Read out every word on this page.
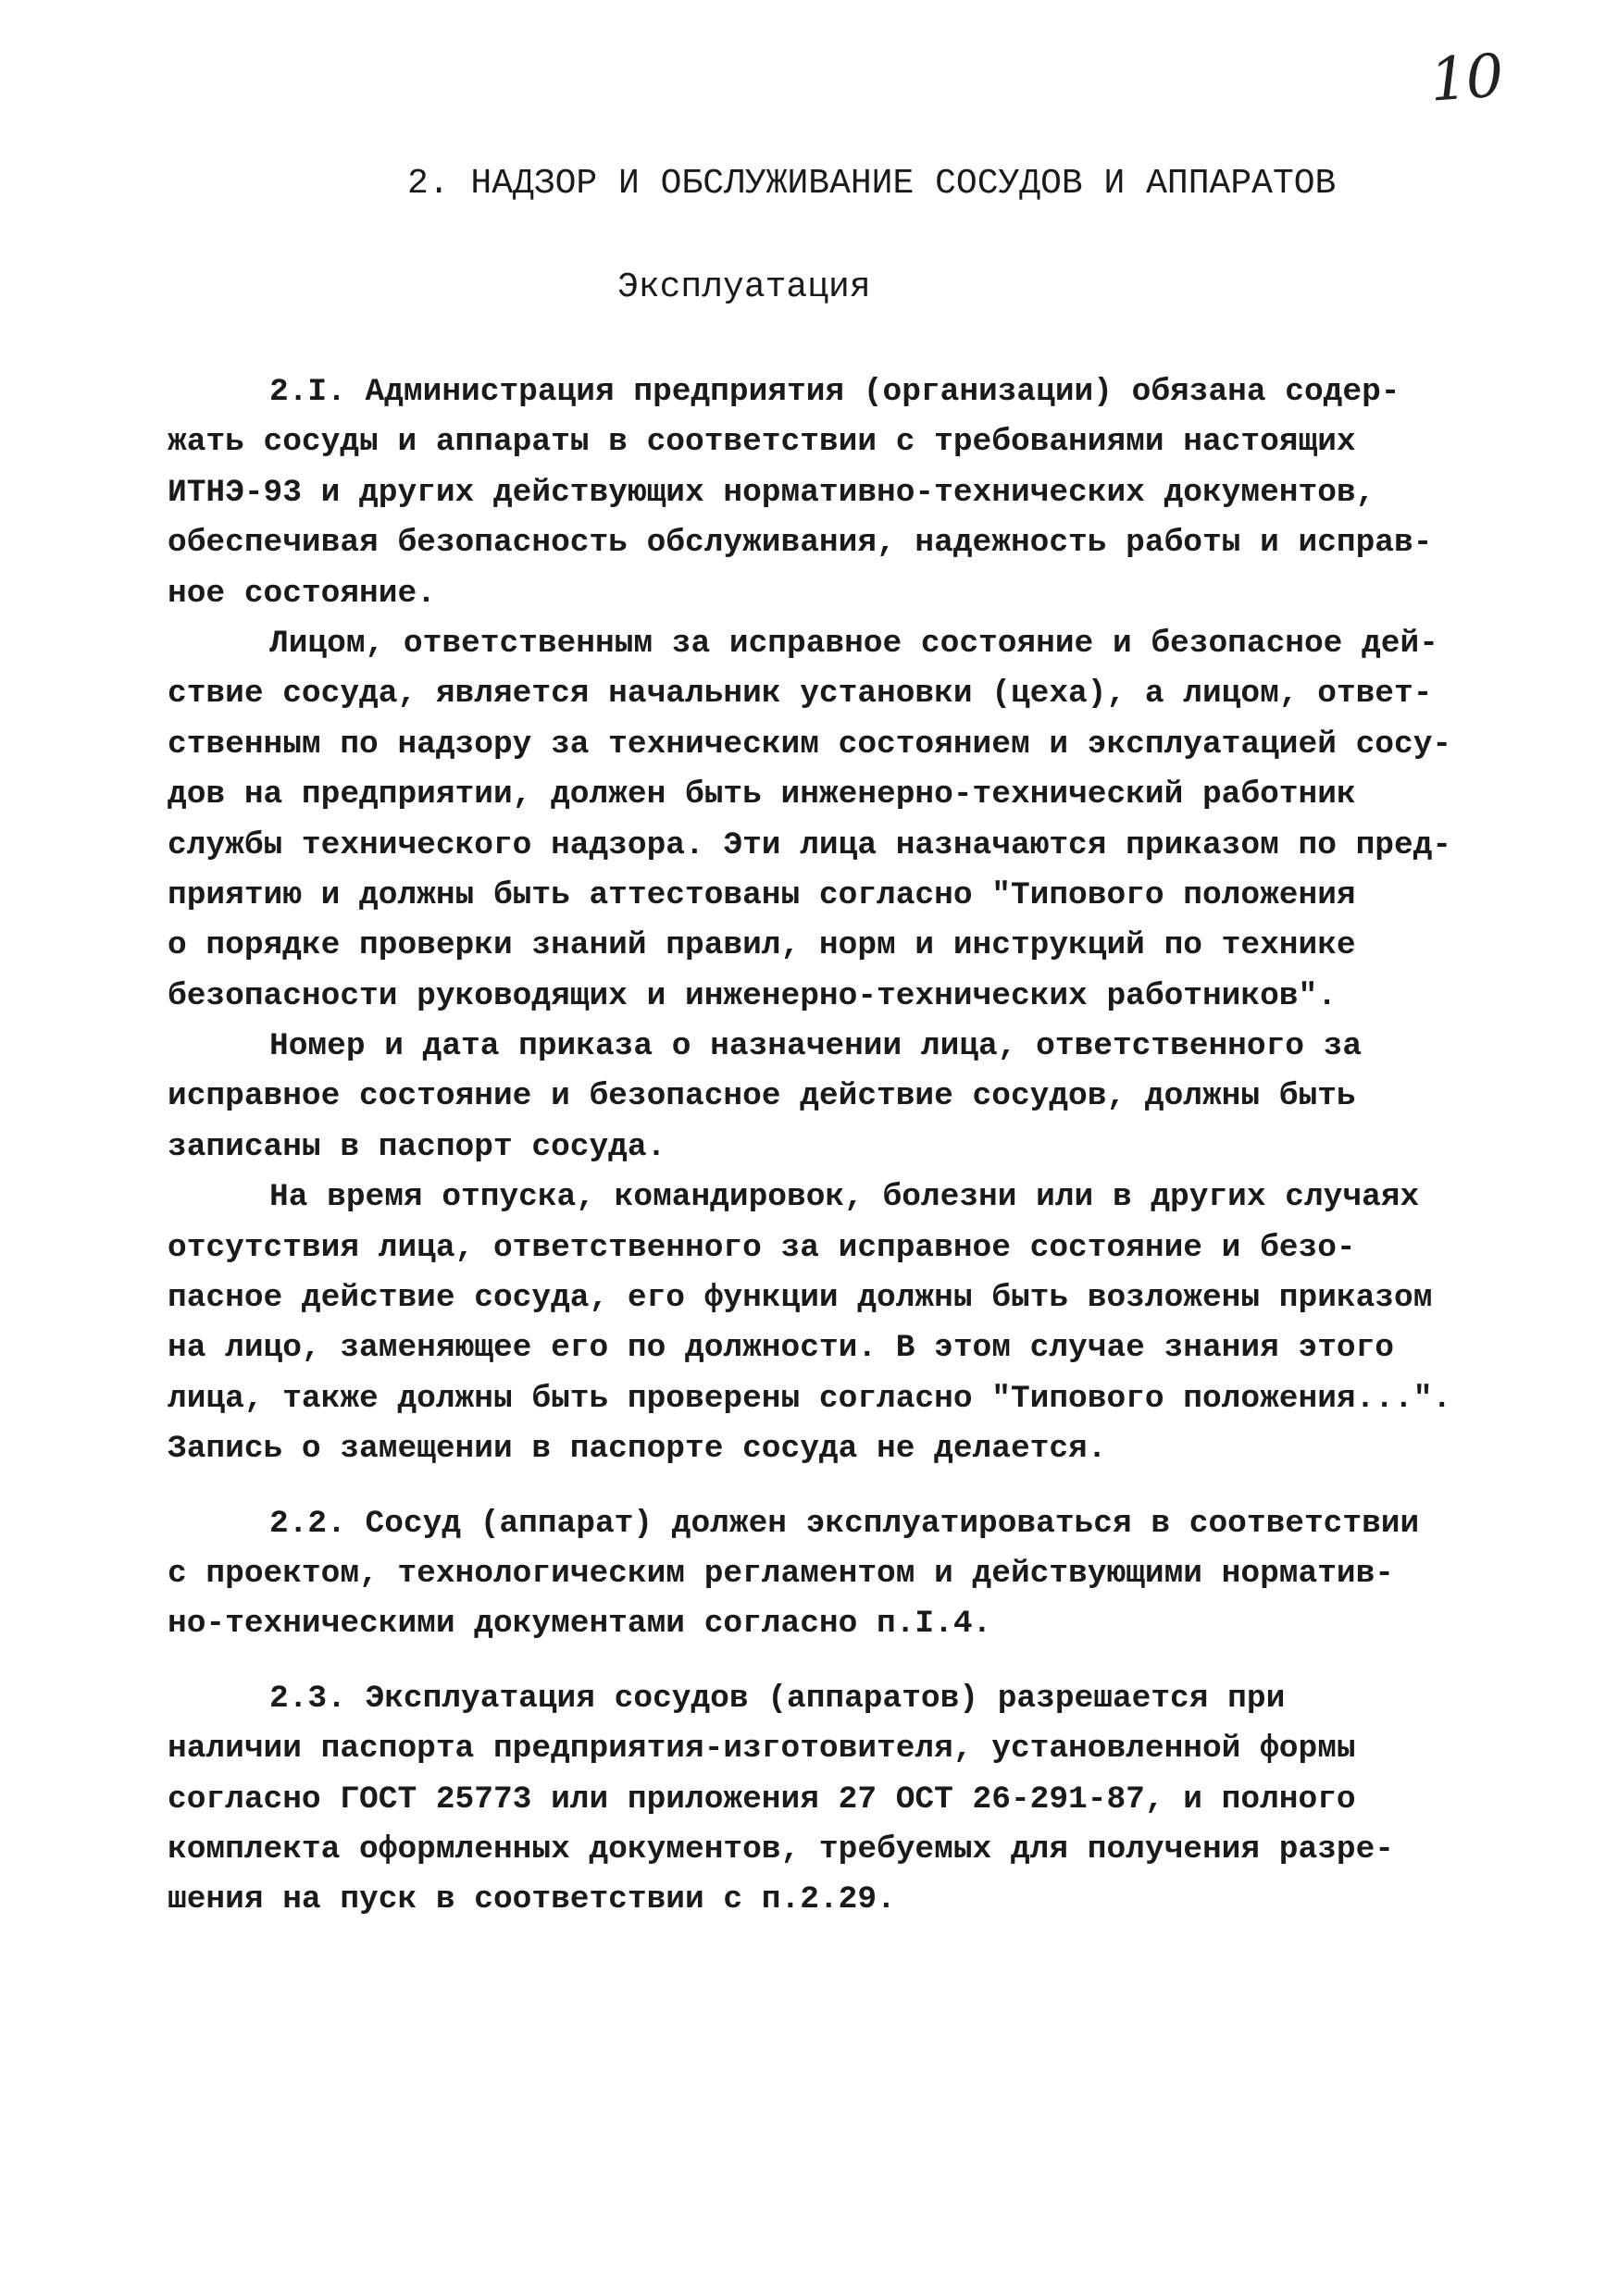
10
2. НАДЗОР И ОБСЛУЖИВАНИЕ СОСУДОВ И АППАРАТОВ
Эксплуатация
2.I. Администрация предприятия (организации) обязана содер-
жать сосуды и аппараты в соответствии с требованиями настоящих
ИТНЭ-93 и других действующих нормативно-технических документов,
обеспечивая безопасность обслуживания, надежность работы и исправ-
ное состояние.
Лицом, ответственным за исправное состояние и безопасное дей-
ствие сосуда, является начальник установки (цеха), а лицом, ответ-
ственным по надзору за техническим состоянием и эксплуатацией сосу-
дов на предприятии, должен быть инженерно-технический работник
службы технического надзора. Эти лица назначаются приказом по пред-
приятию и должны быть аттестованы согласно "Типового положения
о порядке проверки знаний правил, норм и инструкций по технике
безопасности руководящих и инженерно-технических работников".
Номер и дата приказа о назначении лица, ответственного за
исправное состояние и безопасное действие сосудов, должны быть
записаны в паспорт сосуда.
На время отпуска, командировок, болезни или в других случаях
отсутствия лица, ответственного за исправное состояние и безо-
пасное действие сосуда, его функции должны быть возложены приказом
на лицо, заменяющее его по должности. В этом случае знания этого
лица, также должны быть проверены согласно "Типового положения...".
Запись о замещении в паспорте сосуда не делается.
2.2. Сосуд (аппарат) должен эксплуатироваться в соответствии
с проектом, технологическим регламентом и действующими норматив-
но-техническими документами согласно п.I.4.
2.3. Эксплуатация сосудов (аппаратов) разрешается при
наличии паспорта предприятия-изготовителя, установленной формы
согласно ГОСТ 25773 или приложения 27 ОСТ 26-291-87, и полного
комплекта оформленных документов, требуемых для получения разре-
шения на пуск в соответствии с п.2.29.
